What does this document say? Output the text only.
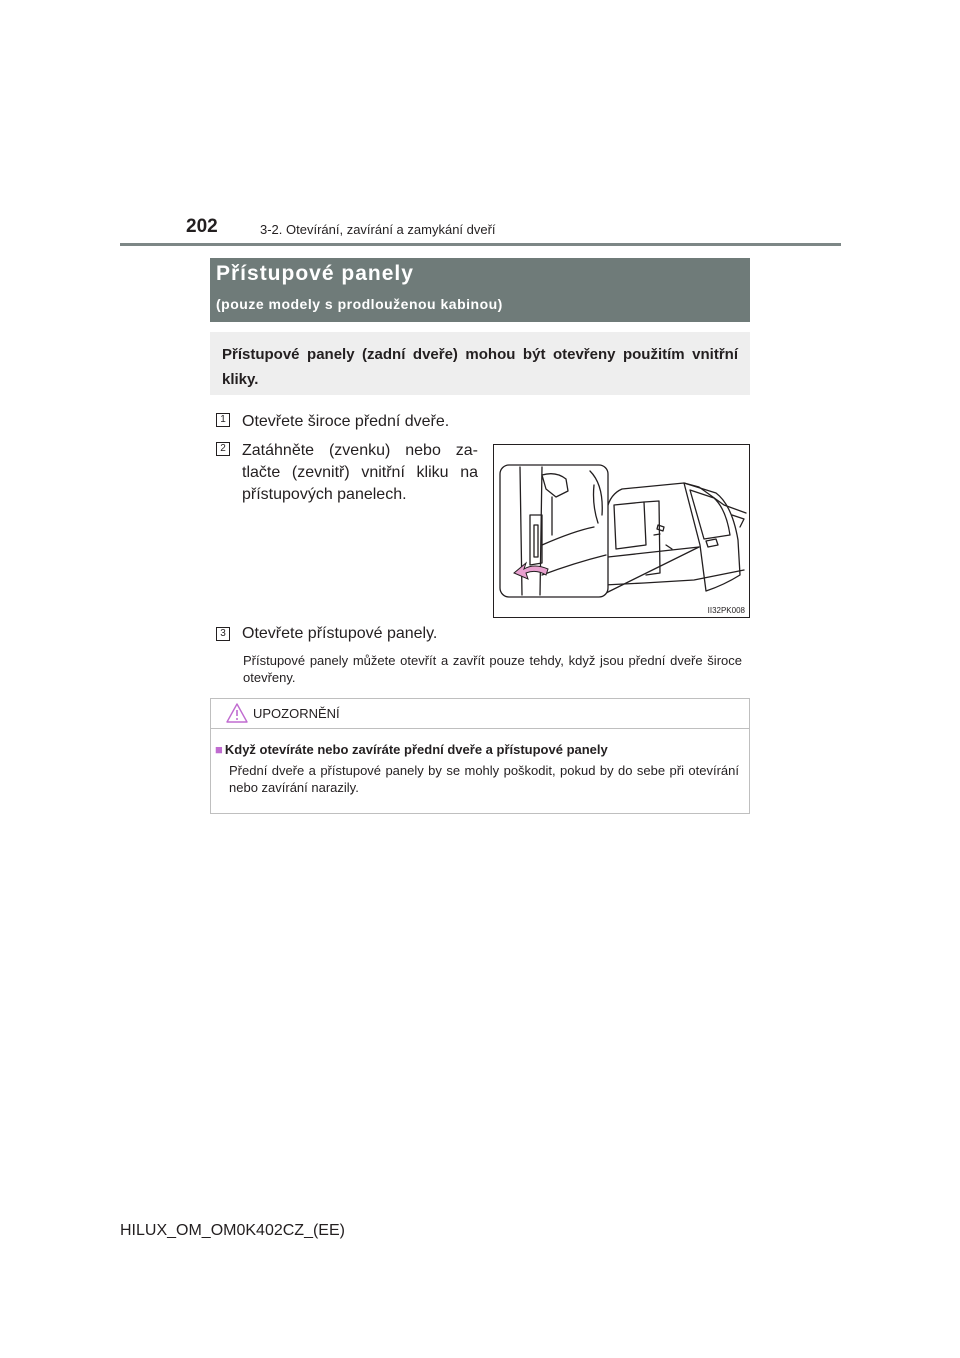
202	3-2. Otevírání, zavírání a zamykání dveří
Přístupové panely
(pouze modely s prodlouženou kabinou)
Přístupové panely (zadní dveře) mohou být otevřeny použitím vnitřní kliky.
1 Otevřete široce přední dveře.
2 Zatáhněte (zvenku) nebo za-
tlačte (zevnitř) vnitřní kliku na
přístupových panelech.
II32PK008
3 Otevřete přístupové panely.
Přístupové panely můžete otevřít a zavřít pouze tehdy, když jsou přední dveře široce otevřeny.
UPOZORNĚNÍ
■ Když otevíráte nebo zavíráte přední dveře a přístupové panely
Přední dveře a přístupové panely by se mohly poškodit, pokud by do sebe při otevírání nebo zavírání narazily.
HILUX_OM_OM0K402CZ_(EE)
